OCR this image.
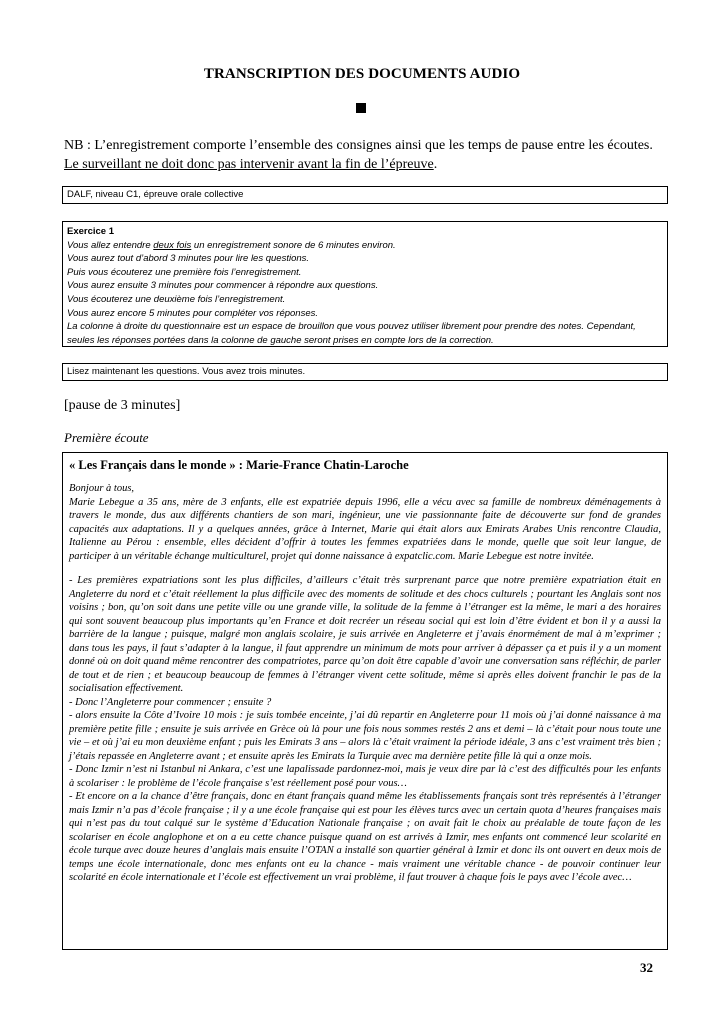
TRANSCRIPTION DES DOCUMENTS AUDIO
NB : L’enregistrement comporte l’ensemble des consignes ainsi que les temps de pause entre les écoutes. Le surveillant ne doit donc pas intervenir avant la fin de l’épreuve.
DALF, niveau C1, épreuve orale collective
Exercice 1
Vous allez entendre deux fois un enregistrement sonore de 6 minutes environ.
Vous aurez tout d’abord 3 minutes pour lire les questions.
Puis vous écouterez une première fois l’enregistrement.
Vous aurez ensuite 3 minutes pour commencer à répondre aux questions.
Vous écouterez une deuxième fois l’enregistrement.
Vous aurez encore 5 minutes pour compléter vos réponses.
La colonne à droite du questionnaire est un espace de brouillon que vous pouvez utiliser librement pour prendre des notes. Cependant,
seules les réponses portées dans la colonne de gauche seront prises en compte lors de la correction.
Lisez maintenant les questions. Vous avez trois minutes.
[pause de 3 minutes]
Première écoute
« Les Français dans le monde » : Marie-France Chatin-Laroche

Bonjour à tous,

Marie Lebegue a 35 ans, mère de 3 enfants, elle est expatriée depuis 1996, elle a vécu avec sa famille de nombreux déménagements à travers le monde, dus aux différents chantiers de son mari, ingénieur, une vie passionnante faite de découverte sur fond de grandes capacités aux adaptations. Il y a quelques années, grâce à Internet, Marie qui était alors aux Emirats Arabes Unis rencontre Claudia, Italienne au Pérou : ensemble, elles décident d’offrir à toutes les femmes expatriées dans le monde, quelle que soit leur langue, de participer à un véritable échange multiculturel, projet qui donne naissance à expatclic.com. Marie Lebegue est notre invitée.

- Les premières expatriations sont les plus difficiles, d’ailleurs c’était très surprenant parce que notre première expatriation était en Angleterre du nord et c’était réellement la plus difficile avec des moments de solitude et des chocs culturels ; pourtant les Anglais sont nos voisins ; bon, qu’on soit dans une petite ville ou une grande ville, la solitude de la femme à l’étranger est la même, le mari a des horaires qui sont souvent beaucoup plus importants qu’en France et doit recréer un réseau social qui est loin d’être évident et bon il y a aussi la barrière de la langue ; puisque, malgré mon anglais scolaire, je suis arrivée en Angleterre et j’avais énormément de mal à m’exprimer ; dans tous les pays, il faut s’adapter à la langue, il faut apprendre un minimum de mots pour arriver à dépasser ça et puis il y a un moment donné où on doit quand même rencontrer des compatriotes, parce qu’on doit être capable d’avoir une conversation sans réfléchir, de parler de tout et de rien ; et beaucoup beaucoup de femmes à l’étranger vivent cette solitude, même si après elles doivent franchir le pas de la socialisation effectivement.

- Donc l’Angleterre pour commencer ; ensuite ?

- alors ensuite la Côte d’Ivoire 10 mois : je suis tombée enceinte, j’ai dû repartir en Angleterre pour 11 mois où j’ai donné naissance à ma première petite fille ; ensuite je suis arrivée en Grèce où là pour une fois nous sommes restés 2 ans et demi – là c’était pour nous toute une vie – et où j’ai eu mon deuxième enfant ; puis les Emirats 3 ans – alors là c’était vraiment la période idéale, 3 ans c’est vraiment très bien ; j’étais repassée en Angleterre avant ; et ensuite après les Emirats la Turquie avec ma dernière petite fille là qui a onze mois.

- Donc Izmir n’est ni Istanbul ni Ankara, c’est une lapalissade pardonnez-moi, mais je veux dire par là c’est des difficultés pour les enfants à scolariser : le problème de l’école française s’est réellement posé pour vous…

- Et encore on a la chance d’être français, donc en étant français quand même les établissements français sont très représentés à l’étranger mais Izmir n’a pas d’école française ; il y a une école française qui est pour les élèves turcs avec un certain quota d’heures françaises mais qui n’est pas du tout calqué sur le système d’Education Nationale française ; on avait fait le choix au préalable de toute façon de les scolariser en école anglophone et on a eu cette chance puisque quand on est arrivés à Izmir, mes enfants ont commencé leur scolarité en école turque avec douze heures d’anglais mais ensuite l’OTAN a installé son quartier général à Izmir et donc ils ont ouvert en deux mois de temps une école internationale, donc mes enfants ont eu la chance - mais vraiment une véritable chance - de pouvoir continuer leur scolarité en école internationale et l’école est effectivement un vrai problème, il faut trouver à chaque fois le pays avec l’école avec…

32
